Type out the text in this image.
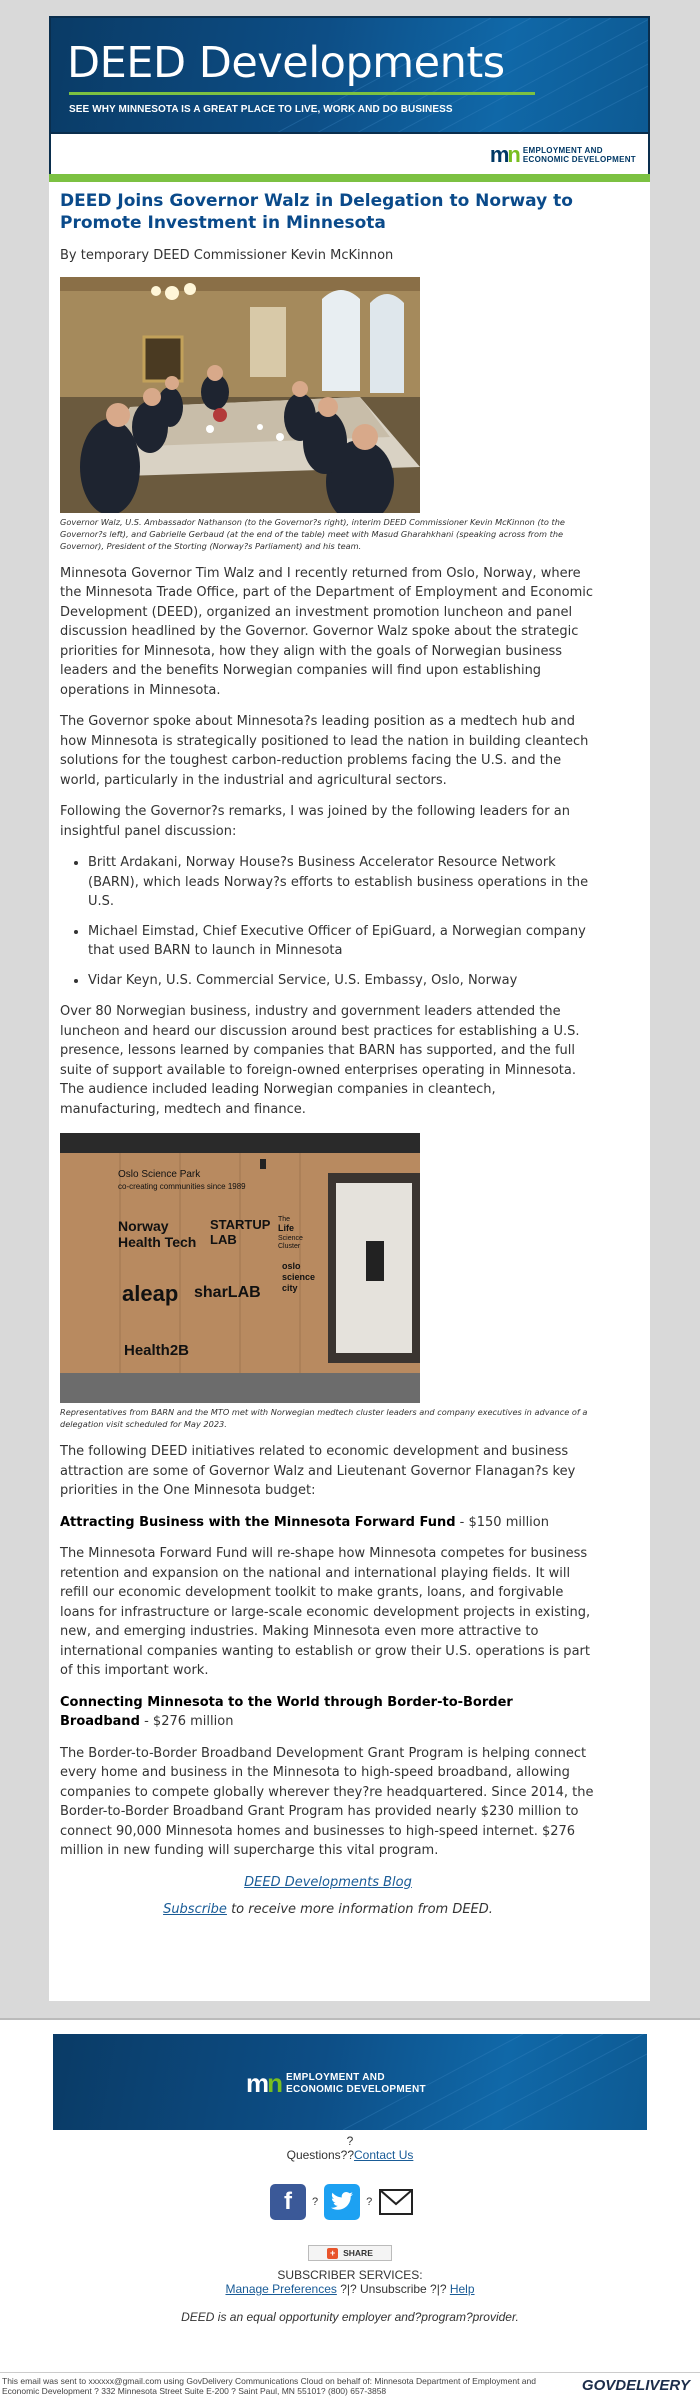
DEED Developments
SEE WHY MINNESOTA IS A GREAT PLACE TO LIVE, WORK AND DO BUSINESS
mn EMPLOYMENT AND
ECONOMIC DEVELOPMENT
DEED Joins Governor Walz in Delegation to Norway to Promote Investment in Minnesota
By temporary DEED Commissioner Kevin McKinnon
Governor Walz, U.S. Ambassador Nathanson (to the Governor?s right), interim DEED Commissioner Kevin McKinnon (to the Governor?s left), and Gabrielle Gerbaud (at the end of the table) meet with Masud Gharahkhani (speaking across from the Governor), President of the Storting (Norway?s Parliament) and his team.

Minnesota Governor Tim Walz and I recently returned from Oslo, Norway, where the Minnesota Trade Office, part of the Department of Employment and Economic Development (DEED), organized an investment promotion luncheon and panel discussion headlined by the Governor. Governor Walz spoke about the strategic priorities for Minnesota, how they align with the goals of Norwegian business leaders and the benefits Norwegian companies will find upon establishing operations in Minnesota.

The Governor spoke about Minnesota?s leading position as a medtech hub and how Minnesota is strategically positioned to lead the nation in building cleantech solutions for the toughest carbon-reduction problems facing the U.S. and the world, particularly in the industrial and agricultural sectors.

Following the Governor?s remarks, I was joined by the following leaders for an insightful panel discussion:

• Britt Ardakani, Norway House?s Business Accelerator Resource Network (BARN), which leads Norway?s efforts to establish business operations in the U.S.
• Michael Eimstad, Chief Executive Officer of EpiGuard, a Norwegian company that used BARN to launch in Minnesota
• Vidar Keyn, U.S. Commercial Service, U.S. Embassy, Oslo, Norway

Over 80 Norwegian business, industry and government leaders attended the luncheon and heard our discussion around best practices for establishing a U.S. presence, lessons learned by companies that BARN has supported, and the full suite of support available to foreign-owned enterprises operating in Minnesota. The audience included leading Norwegian companies in cleantech, manufacturing, medtech and finance.

Oslo Science Park
co-creating communities since 1989
Norway
Health Tech
STARTUP
LAB
The
Life
Science
Cluster
aleap sharLAB
oslo
science
city
Health2B
Representatives from BARN and the MTO met with Norwegian medtech cluster leaders and company executives in advance of a delegation visit scheduled for May 2023.

The following DEED initiatives related to economic development and business attraction are some of Governor Walz and Lieutenant Governor Flanagan?s key priorities in the One Minnesota budget:

Attracting Business with the Minnesota Forward Fund - $150 million

The Minnesota Forward Fund will re-shape how Minnesota competes for business retention and expansion on the national and international playing fields. It will refill our economic development toolkit to make grants, loans, and forgivable loans for infrastructure or large-scale economic development projects in existing, new, and emerging industries. Making Minnesota even more attractive to international companies wanting to establish or grow their U.S. operations is part of this important work.

Connecting Minnesota to the World through Border-to-Border Broadband - $276 million

The Border-to-Border Broadband Development Grant Program is helping connect every home and business in the Minnesota to high-speed broadband, allowing companies to compete globally wherever they?re headquartered. Since 2014, the Border-to-Border Broadband Grant Program has provided nearly $230 million to connect 90,000 Minnesota homes and businesses to high-speed internet. $276 million in new funding will supercharge this vital program.

DEED Developments Blog

Subscribe to receive more information from DEED.

mn EMPLOYMENT AND
ECONOMIC DEVELOPMENT
?
Questions??Contact Us
f	?	?
+ SHARE
SUBSCRIBER SERVICES:
Manage Preferences ?|? Unsubscribe ?|? Help
DEED is an equal opportunity employer and?program?provider.
This email was sent to xxxxxx@gmail.com using GovDelivery Communications Cloud on behalf of: Minnesota Department of Employment and Economic Development ? 332 Minnesota Street Suite E-200 ? Saint Paul, MN 55101? (800) 657-3858	GOVDELIVERY
